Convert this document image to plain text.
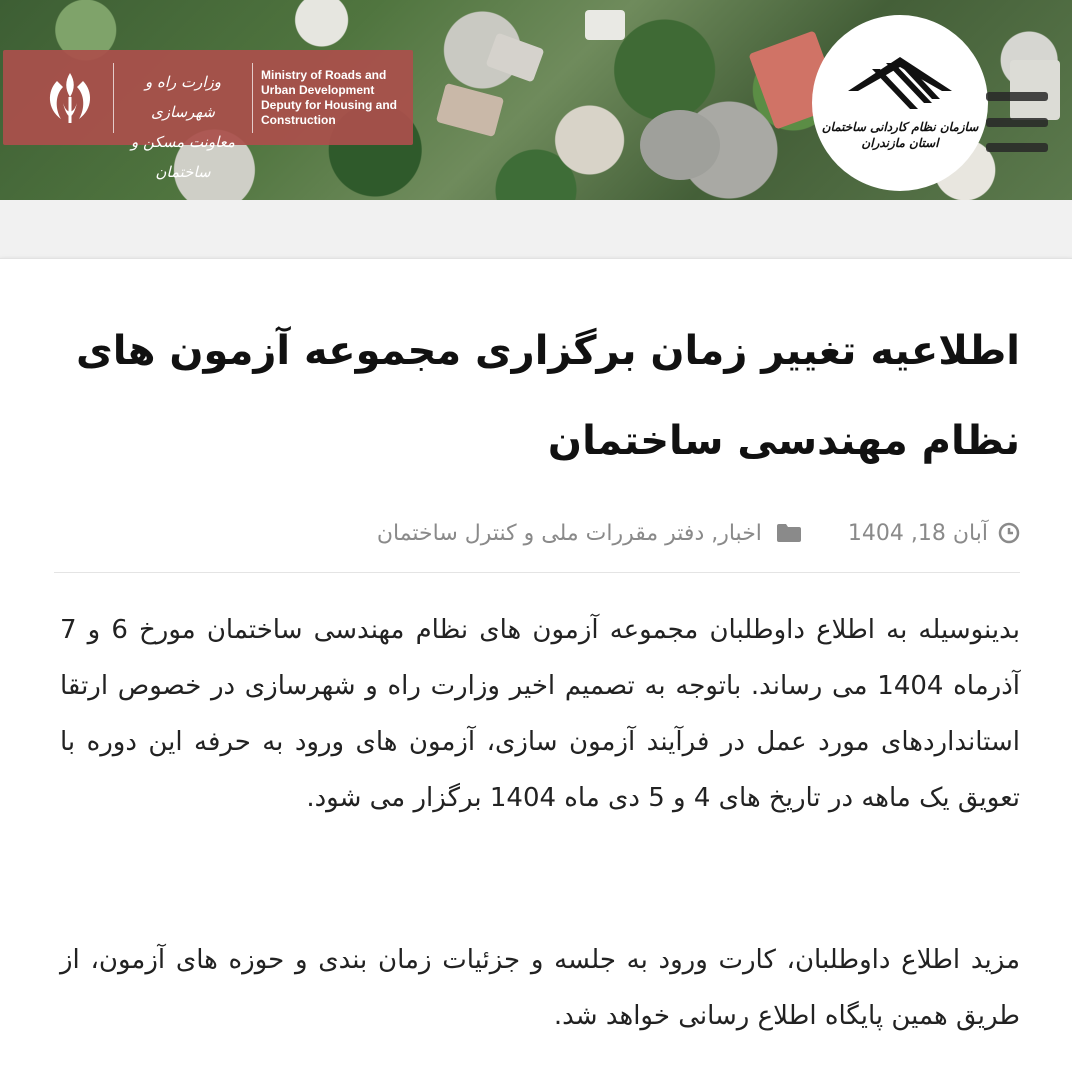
وزارت راه و شهرسازی
معاونت مسکن و ساختمان
Ministry of Roads and Urban Development Deputy for Housing and Construction
سازمان نظام کاردانی ساختمان
استان مازندران
اطلاعیه تغییر زمان برگزاری مجموعه آزمون های نظام مهندسی ساختمان
آبان 18, 1404
اخبار, دفتر مقررات ملی و کنترل ساختمان

بدینوسیله به اطلاع داوطلبان مجموعه آزمون های نظام مهندسی ساختمان مورخ 6 و 7 آذرماه 1404 می رساند. باتوجه به تصمیم اخیر وزارت راه و شهرسازی در خصوص ارتقا استانداردهای مورد عمل در فرآیند آزمون سازی، آزمون های ورود به حرفه این دوره با تعویق یک ماهه در تاریخ های 4 و 5 دی ماه 1404 برگزار می شود.

مزید اطلاع داوطلبان، کارت ورود به جلسه و جزئیات زمان بندی و حوزه های آزمون، از طریق همین پایگاه اطلاع رسانی خواهد شد.
